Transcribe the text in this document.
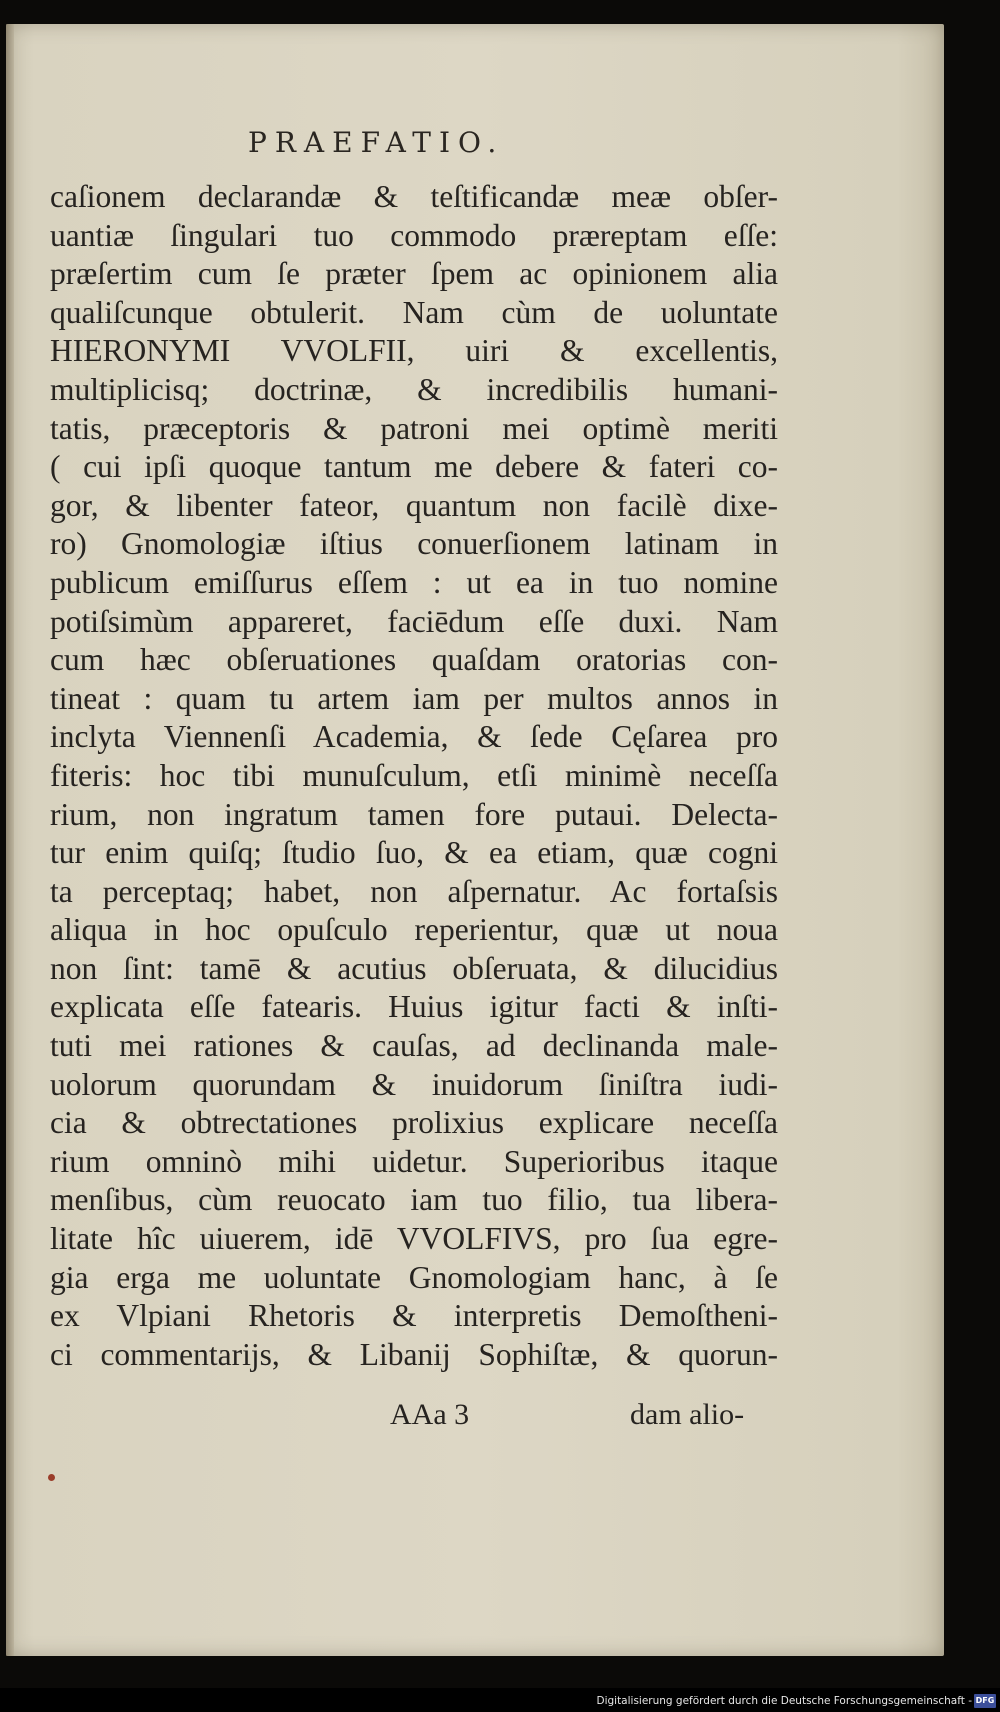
PRAEFATIO.
caſionem declarandæ & teſtificandæ meæ obſer-
uantiæ ſingulari tuo commodo præreptam eſſe:
præſertim cum ſe præter ſpem ac opinionem alia
qualiſcunque obtulerit. Nam cùm de uoluntate
HIERONYMI VVOLFII, uiri & excellentis,
multiplicisq; doctrinæ, & incredibilis humani-
tatis, præceptoris & patroni mei optimè meriti
( cui ipſi quoque tantum me debere & fateri co-
gor, & libenter fateor, quantum non facilè dixe-
ro) Gnomologiæ iſtius conuerſionem latinam in
publicum emiſſurus eſſem : ut ea in tuo nomine
potiſsimùm appareret, faciēdum eſſe duxi. Nam
cum hæc obſeruationes quaſdam oratorias con-
tineat : quam tu artem iam per multos annos in
inclyta Viennenſi Academia, & ſede Cęſarea pro
fiteris: hoc tibi munuſculum, etſi minimè neceſſa
rium, non ingratum tamen fore putaui. Delecta-
tur enim quiſq; ſtudio ſuo, & ea etiam, quæ cogni
ta perceptaq; habet, non aſpernatur. Ac fortaſsis
aliqua in hoc opuſculo reperientur, quæ ut noua
non ſint: tamē & acutius obſeruata, & dilucidius
explicata eſſe fatearis. Huius igitur facti & inſti-
tuti mei rationes & cauſas, ad declinanda male-
uolorum quorundam & inuidorum ſiniſtra iudi-
cia & obtrectationes prolixius explicare neceſſa
rium omninò mihi uidetur. Superioribus itaque
menſibus, cùm reuocato iam tuo filio, tua libera-
litate hîc uiuerem, idē VVOLFIVS, pro ſua egre-
gia erga me uoluntate Gnomologiam hanc, à ſe
ex Vlpiani Rhetoris & interpretis Demoſtheni-
ci commentarijs, & Libanij Sophiſtæ, & quorun-
AAa 3	dam alio-
Digitalisierung gefördert durch die Deutsche Forschungsgemeinschaft - DFG
